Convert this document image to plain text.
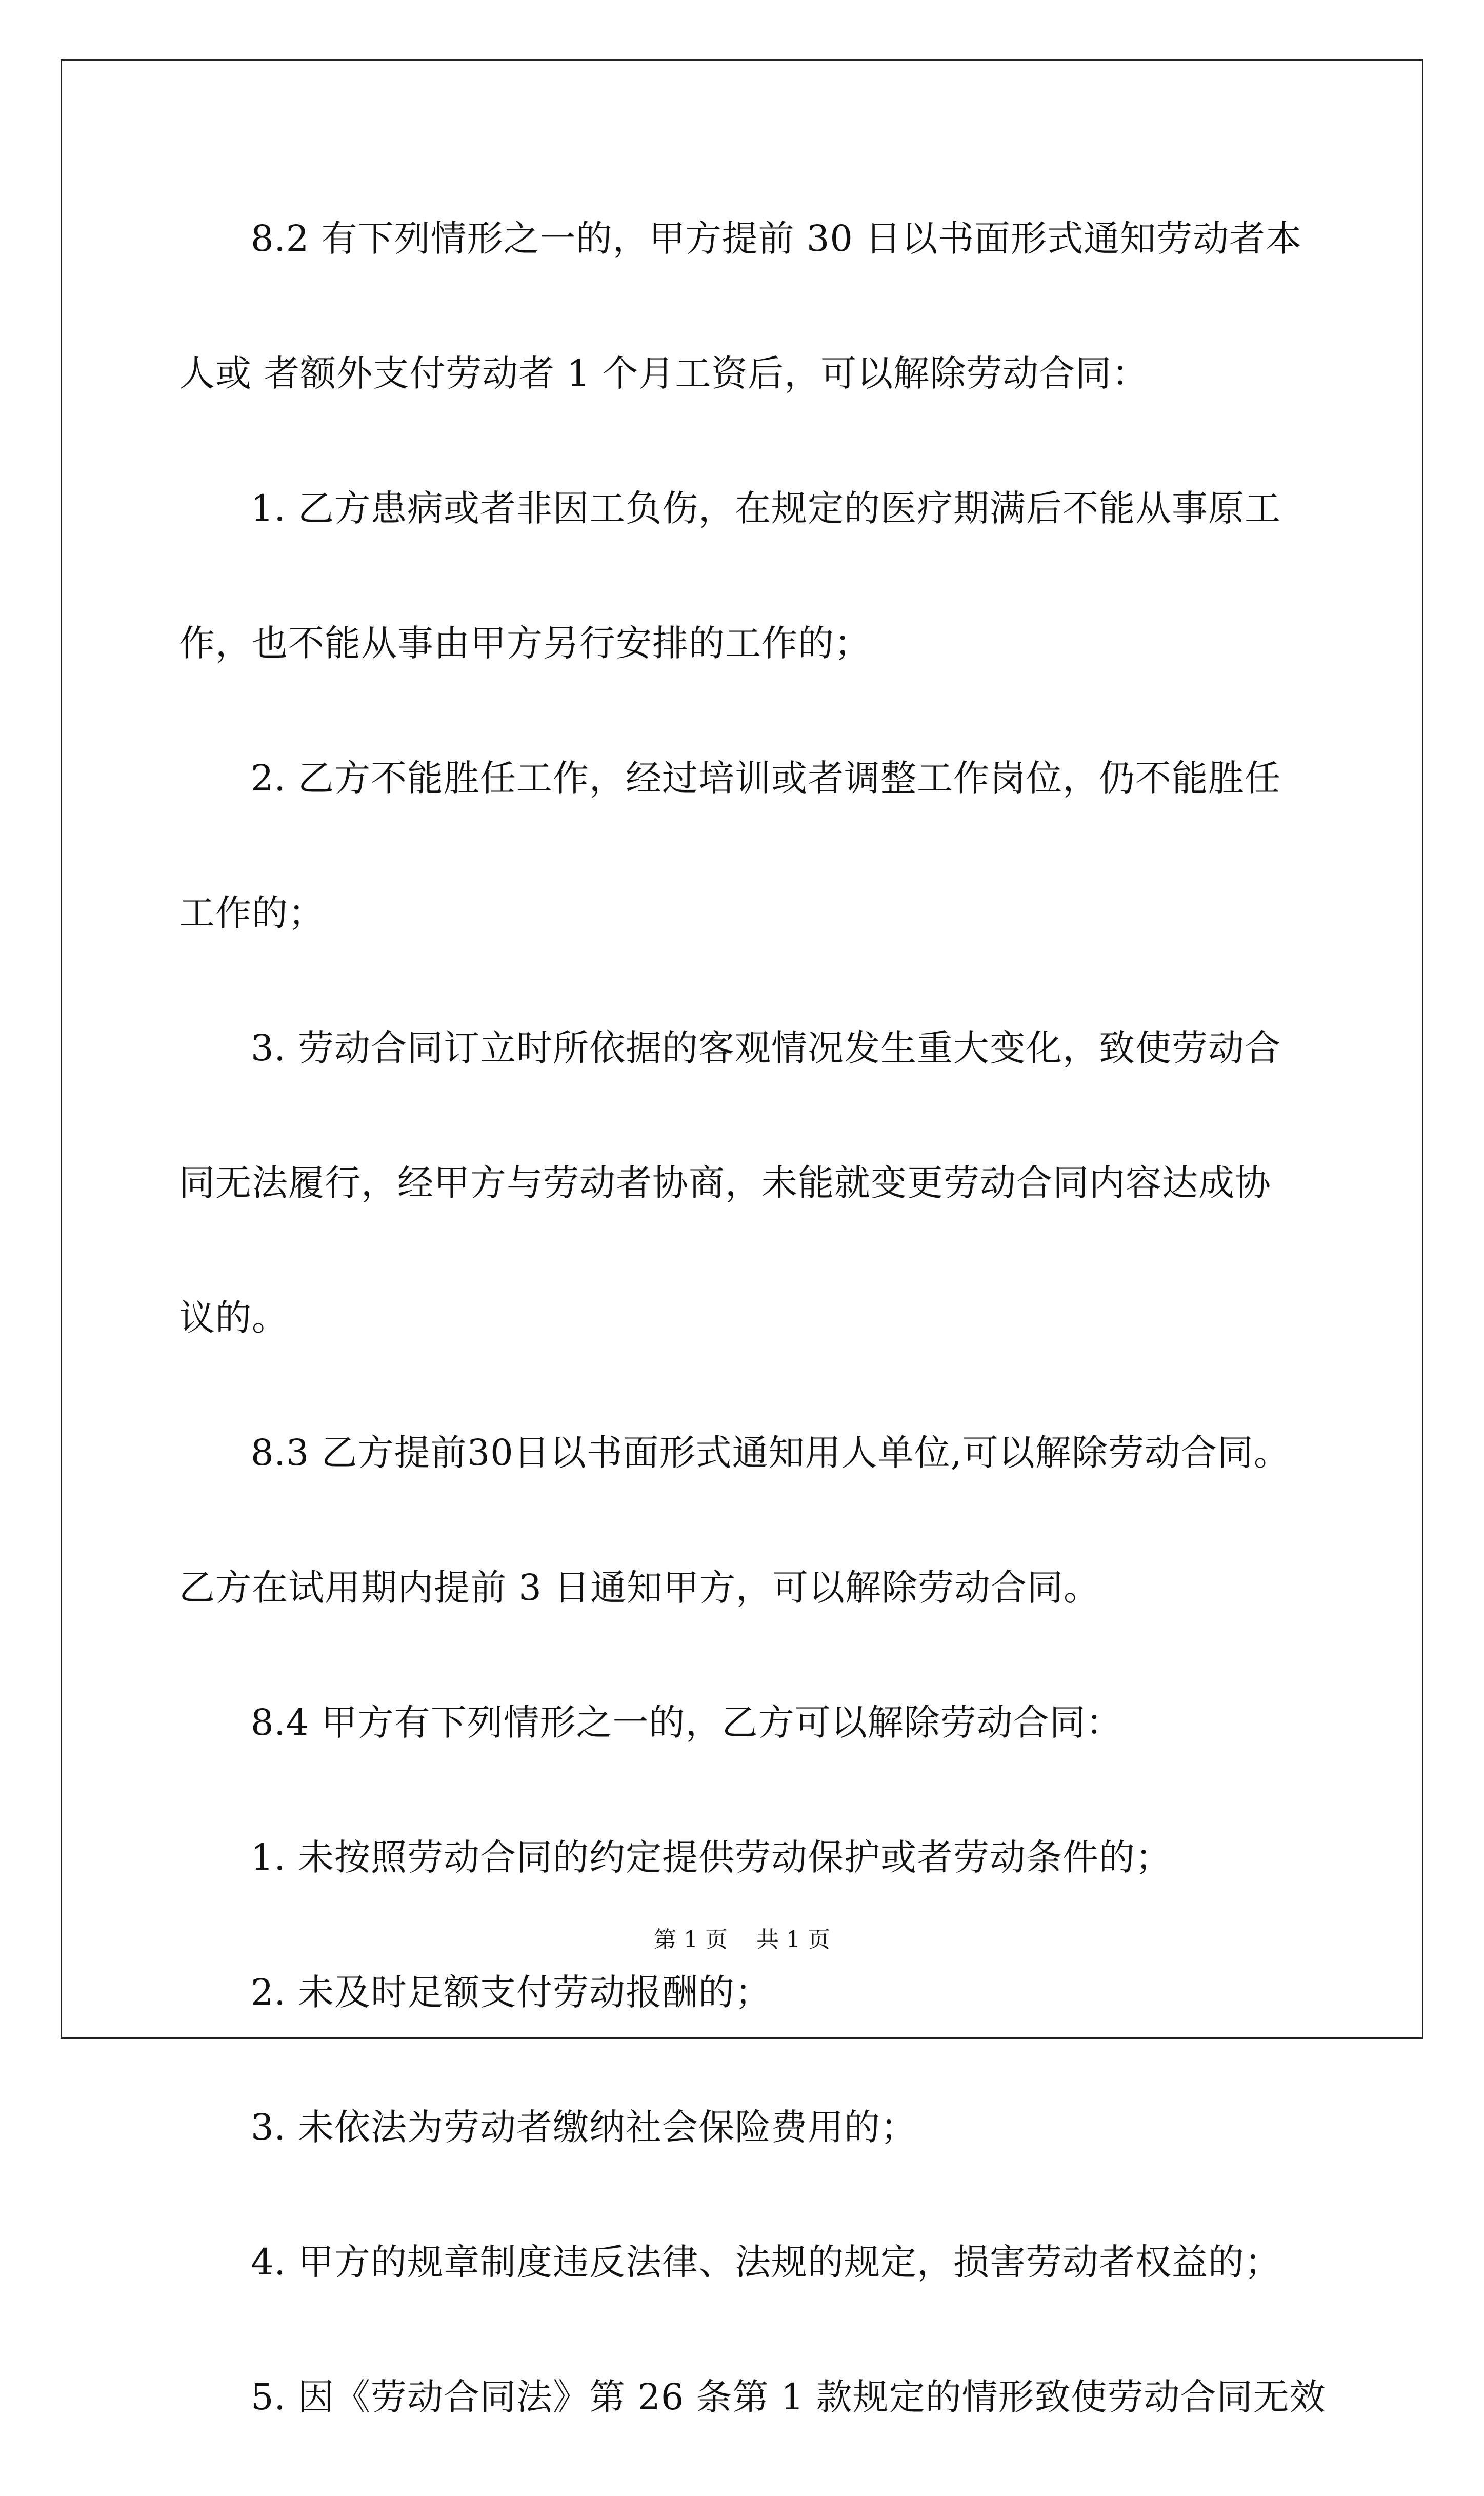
8.2 有下列情形之一的，甲方提前 30 日以书面形式通知劳动者本
人或 者额外支付劳动者 1 个月工资后，可以解除劳动合同：
1. 乙方患病或者非因工负伤，在规定的医疗期满后不能从事原工
作，也不能从事由甲方另行安排的工作的；
2. 乙方不能胜任工作，经过培训或者调整工作岗位，仍不能胜任
工作的；
3. 劳动合同订立时所依据的客观情况发生重大变化，致使劳动合
同无法履行，经甲方与劳动者协商，未能就变更劳动合同内容达成协
议的。
8.3 乙方提前30日以书面形式通知用人单位,可以解除劳动合同。
乙方在试用期内提前 3 日通知甲方，可以解除劳动合同。
8.4 甲方有下列情形之一的，乙方可以解除劳动合同：
1. 未按照劳动合同的约定提供劳动保护或者劳动条件的；
2. 未及时足额支付劳动报酬的；
3. 未依法为劳动者缴纳社会保险费用的；
4. 甲方的规章制度违反法律、法规的规定，损害劳动者权益的；
5. 因《劳动合同法》第 26 条第 1 款规定的情形致使劳动合同无效
第 1 页    共 1 页
